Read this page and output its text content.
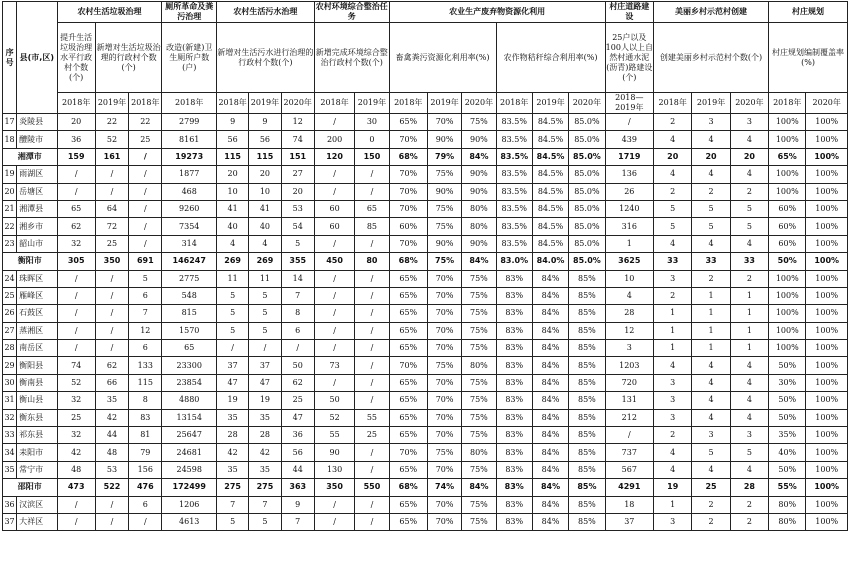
序号	县(市,区)	农村生活垃圾治理			厕所革命及粪污治理	农村生活污水治理			农村环境综合整治任务		农业生产废弃物资源化利用						村庄道路建设	美丽乡村示范村创建			村庄规划	
		提升生活垃圾治理水平行政村个数(个)	新增对生活垃圾治理的行政村个数(个)		改造(新建)卫生厕所户数(户)	新增对生活污水进行治理的行政村个数(个)			新增完成环境综合整治行政村个数(个)		畜禽粪污资源化利用率(%)			农作物秸秆综合利用率(%)			25户以及100人以上自然村通水泥(沥青)路建设(个)	创建美丽乡村示范村个数(个)			村庄规划编制覆盖率(%)	
		2018年	2019年	2018年	2018年	2018年	2019年	2020年	2018年	2019年	2018年	2019年	2020年	2018年	2019年	2020年	2018—2019年	2018年	2019年	2020年	2018年	2020年
17	炎陵县	20	22	22	2799	9	9	12	/	30	65%	70%	75%	83.5%	84.5%	85.0%	/	2	3	3	100%	100%
18	醴陵市	36	52	25	8161	56	56	74	200	0	70%	90%	90%	83.5%	84.5%	85.0%	439	4	4	4	100%	100%
湘潭市		159	161	/	19273	115	115	151	120	150	68%	79%	84%	83.5%	84.5%	85.0%	1719	20	20	20	65%	100%
19	雨湖区	/	/	/	1877	20	20	27	/	/	70%	75%	90%	83.5%	84.5%	85.0%	136	4	4	4	100%	100%
20	岳塘区	/	/	/	468	10	10	20	/	/	70%	90%	90%	83.5%	84.5%	85.0%	26	2	2	2	100%	100%
21	湘潭县	65	64	/	9260	41	41	53	60	65	70%	75%	80%	83.5%	84.5%	85.0%	1240	5	5	5	60%	100%
22	湘乡市	62	72	/	7354	40	40	54	60	85	60%	75%	80%	83.5%	84.5%	85.0%	316	5	5	5	60%	100%
23	韶山市	32	25	/	314	4	4	5	/	/	70%	90%	90%	83.5%	84.5%	85.0%	1	4	4	4	60%	100%
衡阳市		305	350	691	146247	269	269	355	450	80	68%	75%	84%	83.0%	84.0%	85.0%	3625	33	33	33	50%	100%
24	珠晖区	/	/	5	2775	11	11	14	/	/	65%	70%	75%	83%	84%	85%	10	3	2	2	100%	100%
25	雁峰区	/	/	6	548	5	5	7	/	/	65%	70%	75%	83%	84%	85%	4	2	1	1	100%	100%
26	石鼓区	/	/	7	815	5	5	8	/	/	65%	70%	75%	83%	84%	85%	28	1	1	1	100%	100%
27	蒸湘区	/	/	12	1570	5	5	6	/	/	65%	70%	75%	83%	84%	85%	12	1	1	1	100%	100%
28	南岳区	/	/	6	65	/	/	/	/	/	65%	70%	75%	83%	84%	85%	3	1	1	1	100%	100%
29	衡阳县	74	62	133	23300	37	37	50	73	/	70%	75%	80%	83%	84%	85%	1203	4	4	4	50%	100%
30	衡南县	52	66	115	23854	47	47	62	/	/	65%	70%	75%	83%	84%	85%	720	3	4	4	30%	100%
31	衡山县	32	35	8	4880	19	19	25	50	/	65%	70%	75%	83%	84%	85%	131	3	4	4	50%	100%
32	衡东县	25	42	83	13154	35	35	47	52	55	65%	70%	75%	83%	84%	85%	212	3	4	4	50%	100%
33	祁东县	32	44	81	25647	28	28	36	55	25	65%	70%	75%	83%	84%	85%	/	2	3	3	35%	100%
34	耒阳市	42	48	79	24681	42	42	56	90	/	70%	75%	80%	83%	84%	85%	737	4	5	5	40%	100%
35	常宁市	48	53	156	24598	35	35	44	130	/	65%	70%	75%	83%	84%	85%	567	4	4	4	50%	100%
邵阳市		473	522	476	172499	275	275	363	350	550	68%	74%	84%	83%	84%	85%	4291	19	25	28	55%	100%
36	汉滨区	/	/	6	1206	7	7	9	/	/	65%	70%	75%	83%	84%	85%	18	1	2	2	80%	100%
37	大祥区	/	/	/	4613	5	5	7	/	/	65%	70%	75%	83%	84%	85%	37	3	2	2	80%	100%
